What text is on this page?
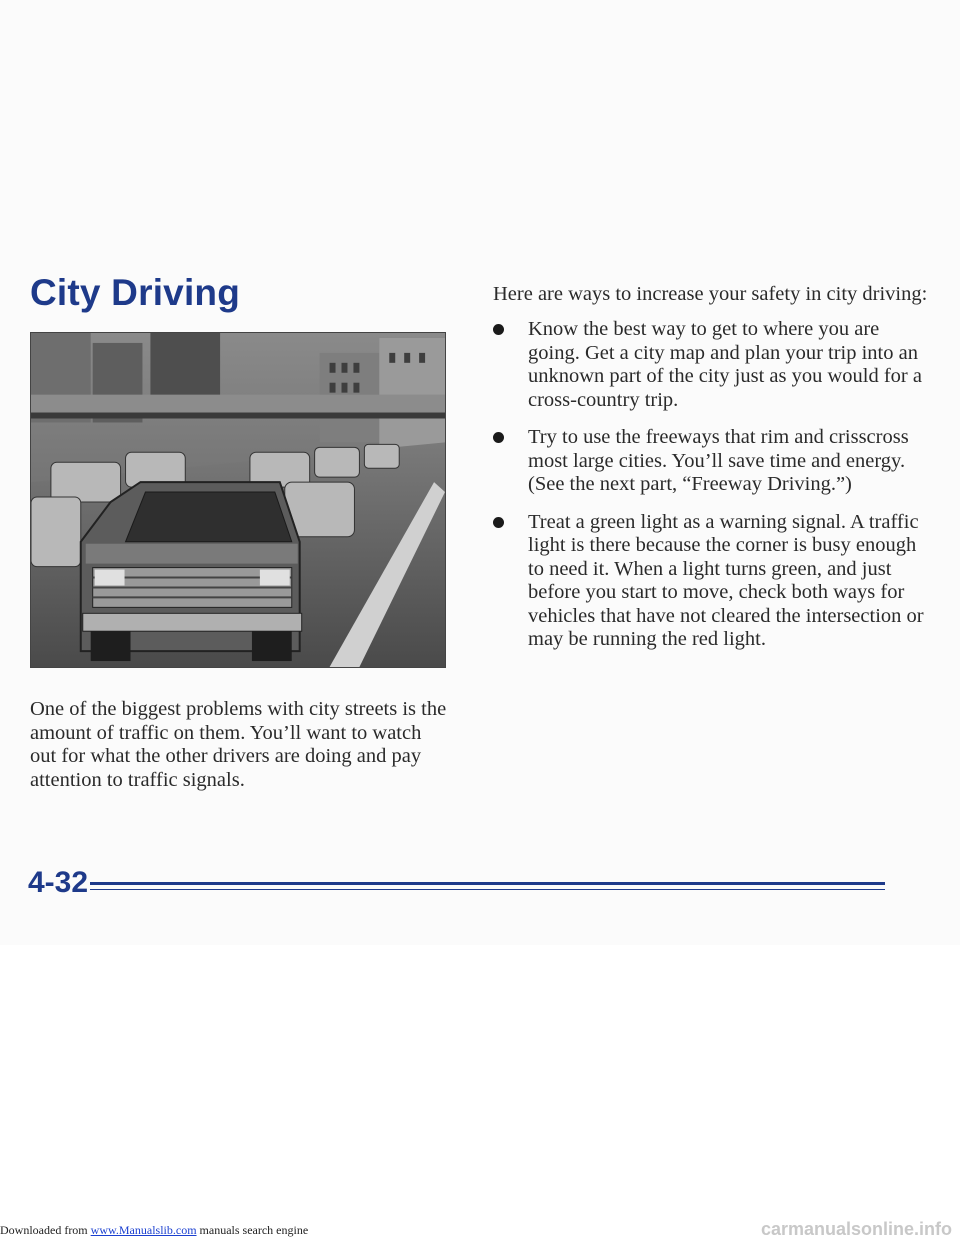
City Driving

One of the biggest problems with city streets is the amount of traffic on them. You’ll want to watch out for what the other drivers are doing and pay attention to traffic signals.

Here are ways to increase your safety in city driving:

Know the best way to get to where you are going. Get a city map and plan your trip into an unknown part of the city just as you would for a cross-country trip.
Try to use the freeways that rim and crisscross most large cities. You’ll save time and energy. (See the next part, “Freeway Driving.”)
Treat a green light as a warning signal. A traffic light is there because the corner is busy enough to need it. When a light turns green, and just before you start to move, check both ways for vehicles that have not cleared the intersection or may be running the red light.
4-32
Downloaded from www.Manualslib.com manuals search engine	carmanualsonline.info
